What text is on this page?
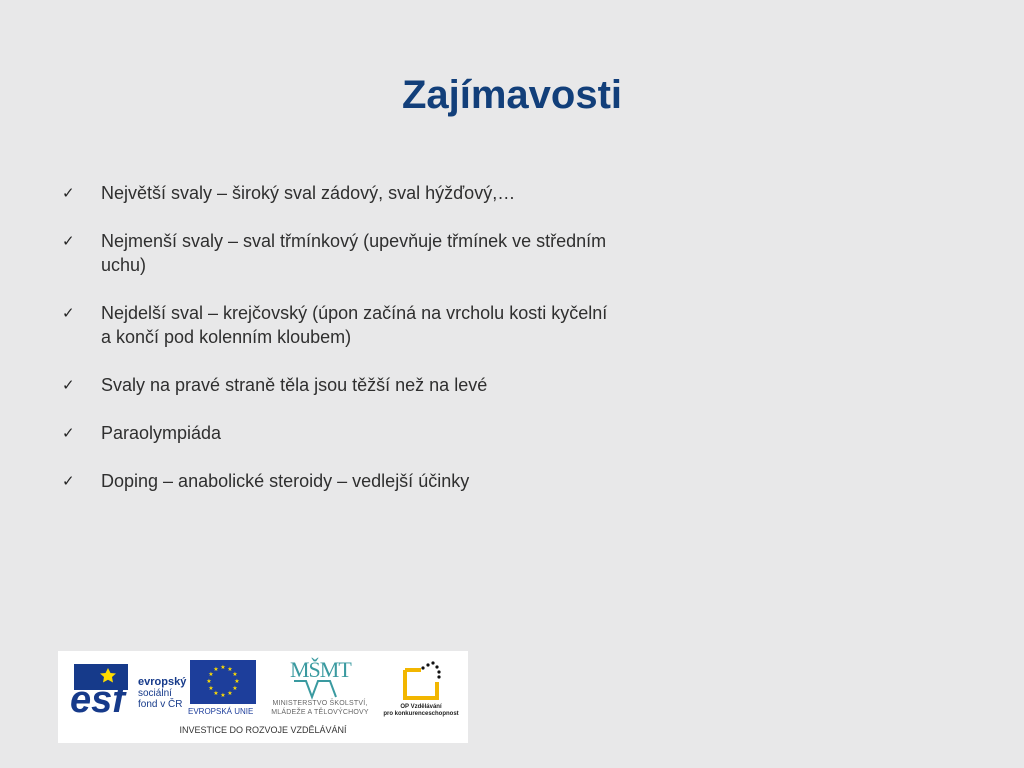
Zajímavosti
✓ Největší svaly – široký sval zádový, sval hýžďový,…
✓ Nejmenší svaly – sval třmínkový (upevňuje třmínek ve středním uchu)
✓ Nejdelší sval – krejčovský (úpon začíná na vrcholu kosti kyčelní a končí pod kolenním kloubem)
✓ Svaly na pravé straně těla jsou těžší než na levé
✓ Paraolympiáda
✓ Doping – anabolické steroidy – vedlejší účinky
esf	evropský
sociální
fond v ČR
★ ★
★
★
★
★
★
★
★
★
★
★
EVROPSKÁ UNIE
MŠMT
MINISTERSTVO ŠKOLSTVÍ,
MLÁDEŽE A TĚLOVÝCHOVY
OP Vzdělávání
pro konkurenceschopnost
INVESTICE DO ROZVOJE VZDĚLÁVÁNÍ
